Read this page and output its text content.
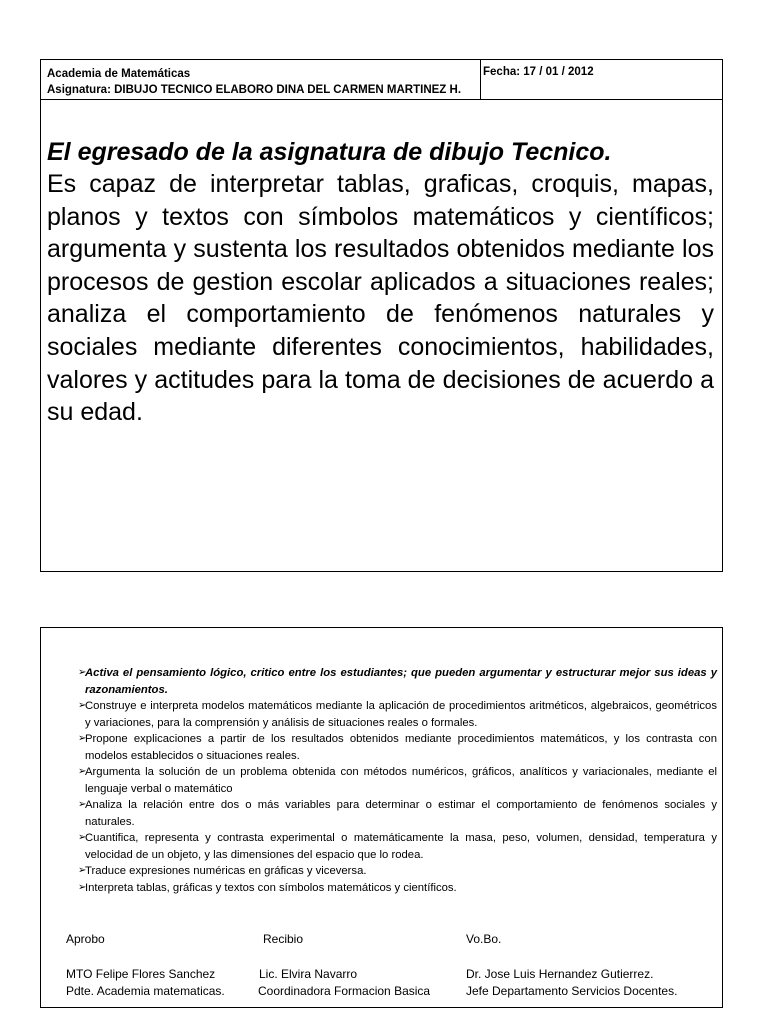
Academia de Matemáticas
Asignatura: DIBUJO TECNICO ELABORO DINA DEL CARMEN MARTINEZ H.
Fecha: 17 / 01 / 2012

El egresado de la asignatura de dibujo Tecnico.

Es capaz de interpretar tablas, graficas, croquis, mapas, planos y textos con símbolos matemáticos y científicos; argumenta y sustenta los resultados obtenidos mediante los procesos de gestion escolar aplicados a situaciones reales; analiza el comportamiento de fenómenos naturales y sociales mediante diferentes conocimientos, habilidades, valores y actitudes para la toma de decisiones de acuerdo a su edad.

➢
Activa el pensamiento lógico, critico entre los estudiantes; que pueden argumentar y estructurar mejor sus ideas y razonamientos.
➢
Construye e interpreta modelos matemáticos mediante la aplicación de procedimientos aritméticos, algebraicos, geométricos y variaciones, para la comprensión y análisis de situaciones reales o formales.
➢
Propone explicaciones a partir de los resultados obtenidos mediante procedimientos matemáticos, y los contrasta con modelos establecidos o situaciones reales.
➢
Argumenta la solución de un problema obtenida con métodos numéricos, gráficos, analíticos y variacionales, mediante el lenguaje verbal o matemático
➢
Analiza la relación entre dos o más variables para determinar o estimar el comportamiento de fenómenos sociales y naturales.
➢
Cuantifica, representa y contrasta experimental o matemáticamente la masa, peso, volumen, densidad, temperatura y velocidad de un objeto, y las dimensiones del espacio que lo rodea.
➢
Traduce expresiones numéricas en gráficas y viceversa.
➢
Interpreta tablas, gráficas y textos con símbolos matemáticos y científicos.
Aprobo
MTO Felipe Flores Sanchez
Pdte. Academia matematicas.
Recibio
Lic. Elvira Navarro
Coordinadora Formacion Basica
Vo.Bo.
Dr. Jose Luis Hernandez Gutierrez.
Jefe Departamento Servicios Docentes.
